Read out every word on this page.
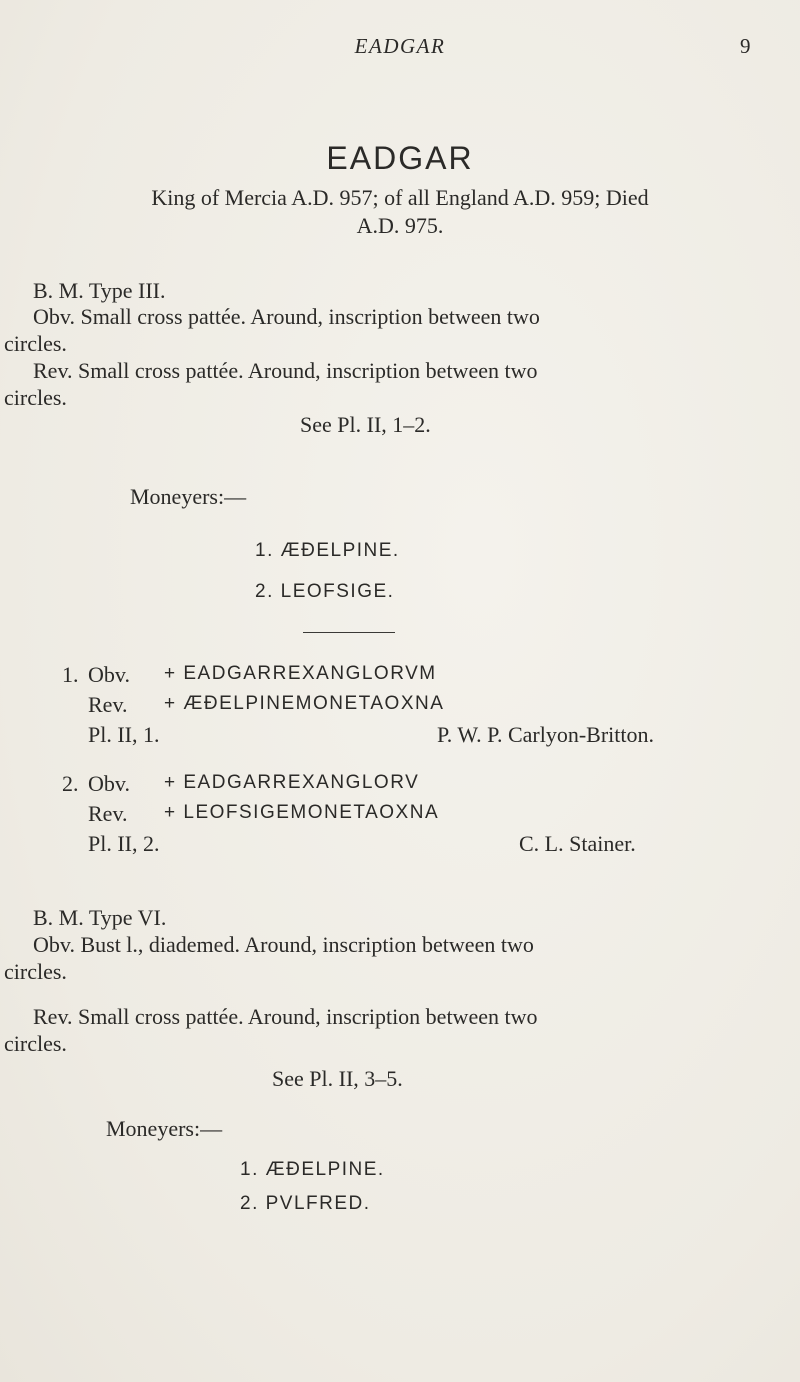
EADGAR	9
EADGAR
King of Mercia A.D. 957; of all England A.D. 959; Died
A.D. 975.
B. M. Type III.
Obv. Small cross pattée. Around, inscription between two
circles.
Rev. Small cross pattée. Around, inscription between two
circles.
See Pl. II, 1–2.
Moneyers:—
1. ÆÐELPINE.
2. LEOFSIGE.
1. Obv. + EADGARREXANGLORVM
Rev. + ÆÐELPINEMONETAOXNA
Pl. II, 1.	P. W. P. Carlyon-Britton.
2. Obv. + EADGARREXANGLORV
Rev. + LEOFSIGEMONETAOXNA
Pl. II, 2.	C. L. Stainer.
B. M. Type VI.
Obv. Bust l., diademed. Around, inscription between two
circles.
Rev. Small cross pattée. Around, inscription between two
circles.
See Pl. II, 3–5.
Moneyers:—
1. ÆÐELPINE.
2. PVLFRED.
